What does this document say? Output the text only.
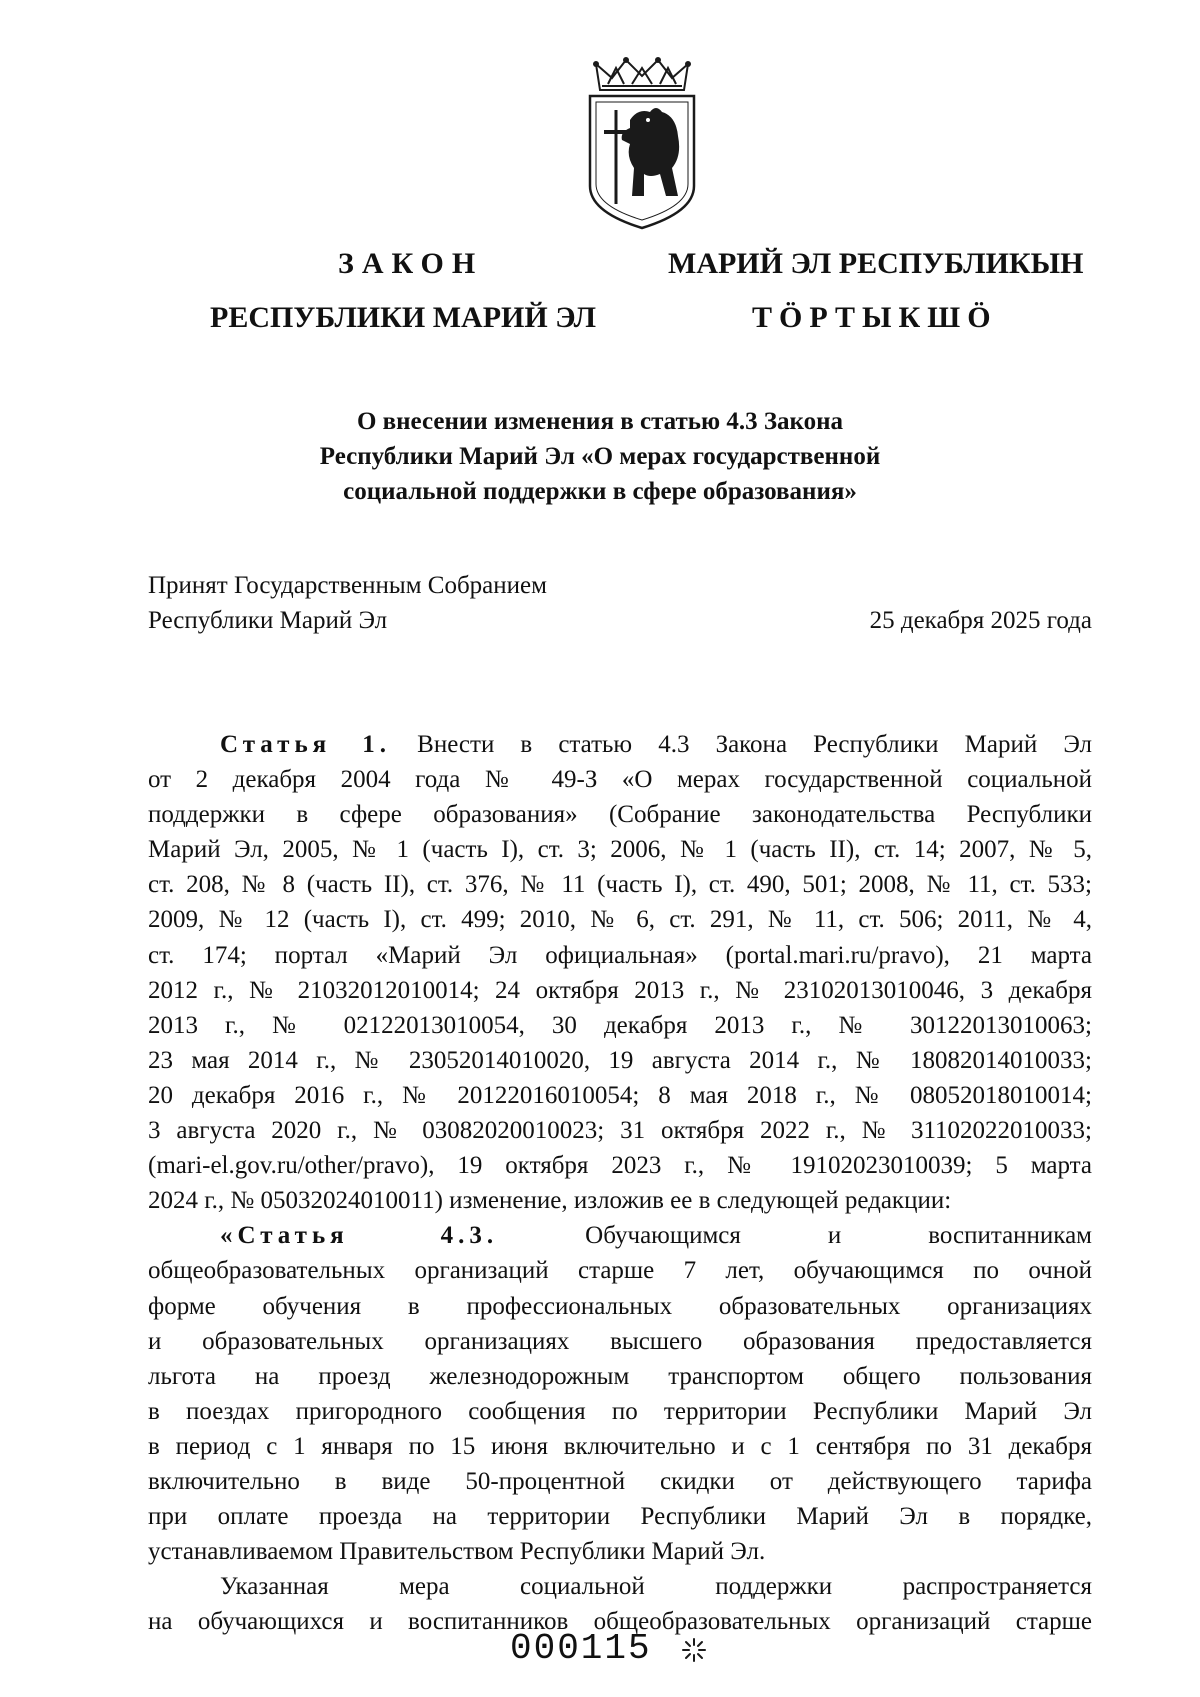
ЗАКОН
РЕСПУБЛИКИ МАРИЙ ЭЛ
МАРИЙ ЭЛ РЕСПУБЛИКЫН
ТÖРТЫКШÖ
О внесении изменения в статью 4.3 Закона
Республики Марий Эл «О мерах государственной
социальной поддержки в сфере образования»
Принят Государственным Собранием
Республики Марий Эл	25 декабря 2025 года
Статья 1. Внести в статью 4.3 Закона Республики Марий Эл
от 2 декабря 2004 года № 49-З «О мерах государственной социальной
поддержки в сфере образования» (Собрание законодательства Республики
Марий Эл, 2005, № 1 (часть I), ст. 3; 2006, № 1 (часть II), ст. 14; 2007, № 5,
ст. 208, № 8 (часть II), ст. 376, № 11 (часть I), ст. 490, 501; 2008, № 11, ст. 533;
2009, № 12 (часть I), ст. 499; 2010, № 6, ст. 291, № 11, ст. 506; 2011, № 4,
ст. 174; портал «Марий Эл официальная» (portal.mari.ru/pravo), 21 марта
2012 г., № 21032012010014; 24 октября 2013 г., № 23102013010046, 3 декабря
2013 г., № 02122013010054, 30 декабря 2013 г., № 30122013010063;
23 мая 2014 г., № 23052014010020, 19 августа 2014 г., № 18082014010033;
20 декабря 2016 г., № 20122016010054; 8 мая 2018 г., № 08052018010014;
3 августа 2020 г., № 03082020010023; 31 октября 2022 г., № 31102022010033;
(mari-el.gov.ru/other/pravo), 19 октября 2023 г., № 19102023010039; 5 марта
2024 г., № 05032024010011) изменение, изложив ее в следующей редакции:
«Статья 4.3.	Обучающимся и воспитанникам
общеобразовательных организаций старше 7 лет, обучающимся по очной
форме обучения в профессиональных образовательных организациях
и образовательных организациях высшего образования предоставляется
льгота на проезд железнодорожным транспортом общего пользования
в поездах пригородного сообщения по территории Республики Марий Эл
в период с 1 января по 15 июня включительно и с 1 сентября по 31 декабря
включительно в виде 50-процентной скидки от действующего тарифа
при оплате проезда на территории Республики Марий Эл в порядке,
устанавливаемом Правительством Республики Марий Эл.
Указанная мера социальной поддержки распространяется
на обучающихся и воспитанников общеобразовательных организаций старше
000115
